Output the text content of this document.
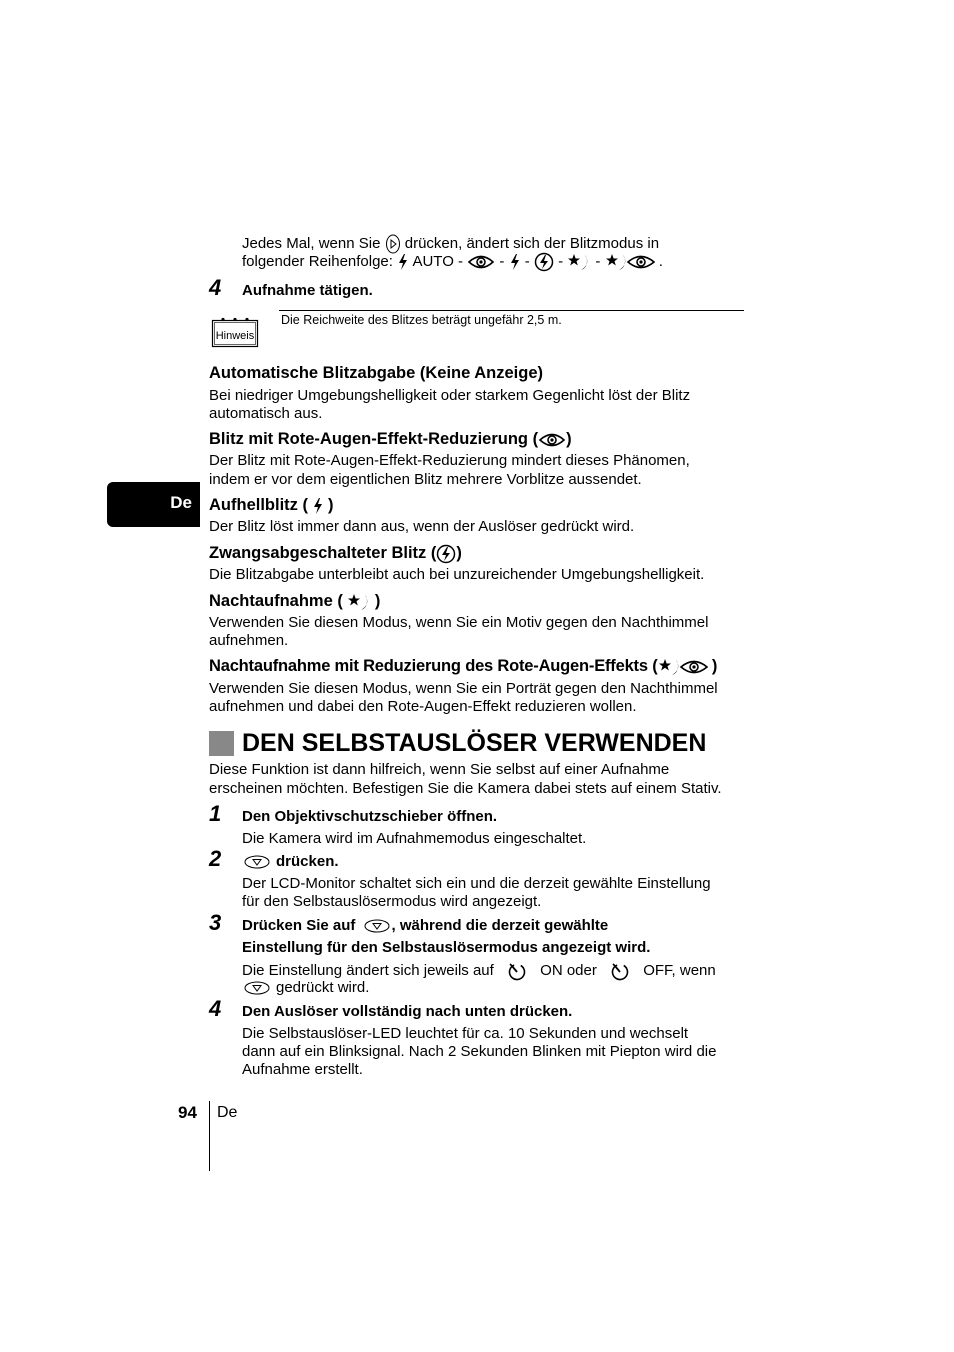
Jedes Mal, wenn Sie drücken, ändert sich der Blitzmodus in
folgender Reihenfolge: AUTO - - - - -	.
4 Aufnahme tätigen.
Hinweis
Die Reichweite des Blitzes beträgt ungefähr 2,5 m.
Automatische Blitzabgabe (Keine Anzeige)
Bei niedriger Umgebungshelligkeit oder starkem Gegenlicht löst der Blitz
automatisch aus.
Blitz mit Rote-Augen-Effekt-Reduzierung ( )
Der Blitz mit Rote-Augen-Effekt-Reduzierung mindert dieses Phänomen,
indem er vor dem eigentlichen Blitz mehrere Vorblitze aussendet.
De Aufhellblitz ( )
Der Blitz löst immer dann aus, wenn der Auslöser gedrückt wird.
Zwangsabgeschalteter Blitz ( )
Die Blitzabgabe unterbleibt auch bei unzureichender Umgebungshelligkeit.
Nachtaufnahme ( )
Verwenden Sie diesen Modus, wenn Sie ein Motiv gegen den Nachthimmel
aufnehmen.
Nachtaufnahme mit Reduzierung des Rote-Augen-Effekts (	)
Verwenden Sie diesen Modus, wenn Sie ein Porträt gegen den Nachthimmel
aufnehmen und dabei den Rote-Augen-Effekt reduzieren wollen.
DEN SELBSTAUSLÖSER VERWENDEN
Diese Funktion ist dann hilfreich, wenn Sie selbst auf einer Aufnahme
erscheinen möchten. Befestigen Sie die Kamera dabei stets auf einem Stativ.
1 Den Objektivschutzschieber öffnen.
Die Kamera wird im Aufnahmemodus eingeschaltet.
2	drücken.
Der LCD-Monitor schaltet sich ein und die derzeit gewählte Einstellung
für den Selbstauslösermodus wird angezeigt.
3 Drücken Sie auf , während die derzeit gewählte
Einstellung für den Selbstauslösermodus angezeigt wird.
Die Einstellung ändert sich jeweils auf	ON oder	OFF, wenn
gedrückt wird.
4 Den Auslöser vollständig nach unten drücken.
Die Selbstauslöser-LED leuchtet für ca. 10 Sekunden und wechselt
dann auf ein Blinksignal. Nach 2 Sekunden Blinken mit Piepton wird die
Aufnahme erstellt.
94 De
